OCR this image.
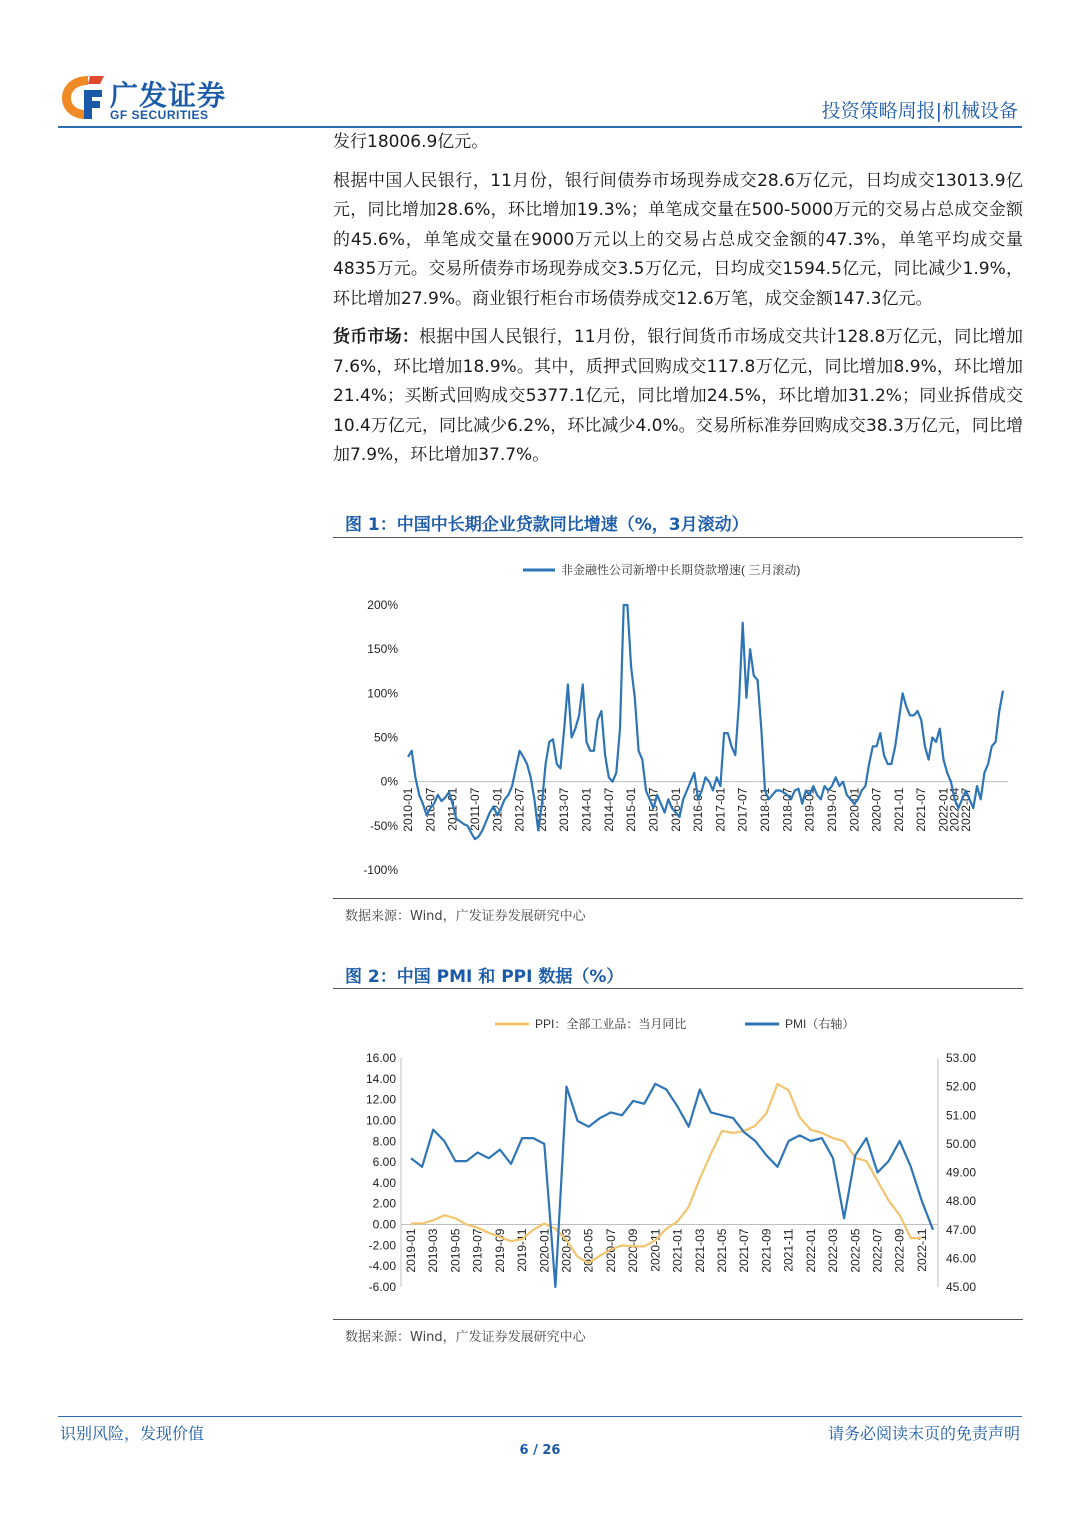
广发证券
GF SECURITIES	投资策略周报|机械设备

发行18006.9亿元。

根据中国人民银行，11月份，银行间债券市场现券成交28.6万亿元，日均成交13013.9亿元，同比增加28.6%，环比增加19.3%；单笔成交量在500-5000万元的交易占总成交金额的45.6%，单笔成交量在9000万元以上的交易占总成交金额的47.3%，单笔平均成交量4835万元。交易所债券市场现券成交3.5万亿元，日均成交1594.5亿元，同比减少1.9%，环比增加27.9%。商业银行柜台市场债券成交12.6万笔，成交金额147.3亿元。

货币市场：根据中国人民银行，11月份，银行间货币市场成交共计128.8万亿元，同比增加7.6%，环比增加18.9%。其中，质押式回购成交117.8万亿元，同比增加8.9%，环比增加21.4%；买断式回购成交5377.1亿元，同比增加24.5%，环比增加31.2%；同业拆借成交10.4万亿元，同比减少6.2%，环比减少4.0%。交易所标准券回购成交38.3万亿元，同比增加7.9%，环比增加37.7%。

图 1：中国中长期企业贷款同比增速（%，3月滚动）
非金融性公司新增中长期贷款增速( 三月滚动)
200%
150%
100%
50%
0%
-50%
-100%
2010-01 2010-07 2011-01 2011-07 2012-01 2012-07 2013-01 2013-07 2014-01 2014-07 2015-01 2015-07 2016-01 2016-07 2017-01 2017-07 2018-01 2018-07 2019-01 2019-07 2020-01 2020-07 2021-01 2021-07 2022-01
2022-04
2022-07
数据来源：Wind，广发证券发展研究中心
图 2：中国 PMI 和 PPI 数据（%）
PPI：全部工业品：当月同比	PMI（右轴）
16.00
14.00
12.00
10.00
8.00
6.00
4.00
2.00
0.00
-2.00
-4.00
-6.00
53.00
52.00
51.00
50.00
49.00
48.00
47.00
46.00
45.00
2019-01 2019-03 2019-05 2019-07 2019-09 2019-11 2020-01 2020-03 2020-05 2020-07 2020-09 2020-11 2021-01 2021-03 2021-05 2021-07 2021-09 2021-11 2022-01 2022-03 2022-05 2022-07 2022-09 2022-11
数据来源：Wind，广发证券发展研究中心
识别风险，发现价值	请务必阅读末页的免责声明
6 / 26
